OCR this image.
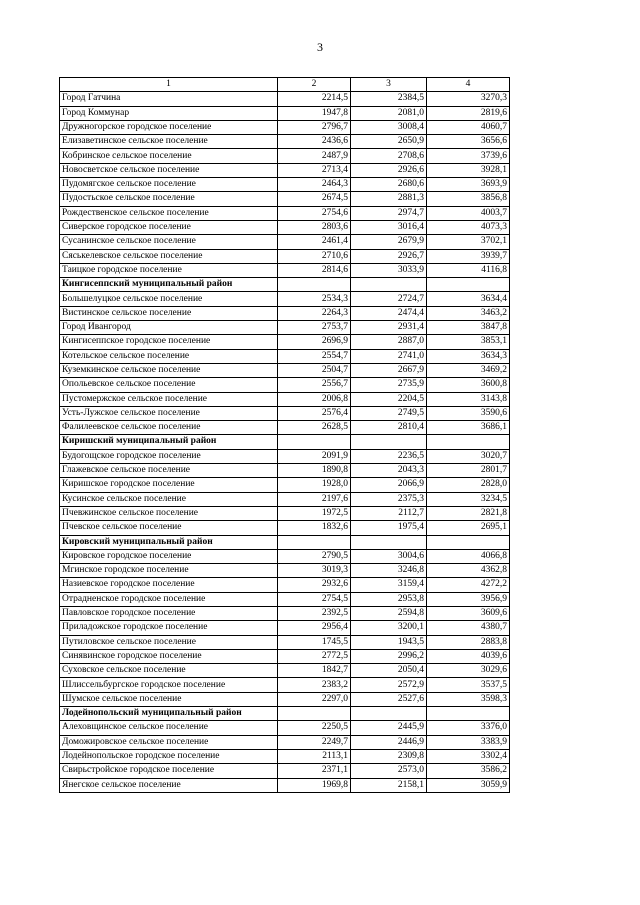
3
1	2	3	4
Город Гатчина	2214,5	2384,5	3270,3
Город Коммунар	1947,8	2081,0	2819,6
Дружногорское городское поселение	2796,7	3008,4	4060,7
Елизаветинское сельское поселение	2436,6	2650,9	3656,6
Кобринское сельское поселение	2487,9	2708,6	3739,6
Новосветское сельское поселение	2713,4	2926,6	3928,1
Пудомягское сельское поселение	2464,3	2680,6	3693,9
Пудостьское сельское поселение	2674,5	2881,3	3856,8
Рождественское сельское поселение	2754,6	2974,7	4003,7
Сиверское городское поселение	2803,6	3016,4	4073,3
Сусанинское сельское поселение	2461,4	2679,9	3702,1
Сяськелевское сельское поселение	2710,6	2926,7	3939,7
Таицкое городское поселение	2814,6	3033,9	4116,8
Кингисеппский муниципальный район			
Большелуцкое сельское поселение	2534,3	2724,7	3634,4
Вистинское сельское поселение	2264,3	2474,4	3463,2
Город Ивангород	2753,7	2931,4	3847,8
Кингисеппское городское поселение	2696,9	2887,0	3853,1
Котельское сельское поселение	2554,7	2741,0	3634,3
Куземкинское сельское поселение	2504,7	2667,9	3469,2
Опольевское сельское поселение	2556,7	2735,9	3600,8
Пустомержское сельское поселение	2006,8	2204,5	3143,8
Усть-Лужское сельское поселение	2576,4	2749,5	3590,6
Фалилеевское сельское поселение	2628,5	2810,4	3686,1
Киришский муниципальный район			
Будогощское городское поселение	2091,9	2236,5	3020,7
Глажевское сельское поселение	1890,8	2043,3	2801,7
Киришское городское поселение	1928,0	2066,9	2828,0
Кусинское сельское поселение	2197,6	2375,3	3234,5
Пчевжинское сельское поселение	1972,5	2112,7	2821,8
Пчевское сельское поселение	1832,6	1975,4	2695,1
Кировский муниципальный район			
Кировское городское поселение	2790,5	3004,6	4066,8
Мгинское городское поселение	3019,3	3246,8	4362,8
Назиевское городское поселение	2932,6	3159,4	4272,2
Отрадненское городское поселение	2754,5	2953,8	3956,9
Павловское городское поселение	2392,5	2594,8	3609,6
Приладожское городское поселение	2956,4	3200,1	4380,7
Путиловское сельское поселение	1745,5	1943,5	2883,8
Синявинское городское поселение	2772,5	2996,2	4039,6
Суховское сельское поселение	1842,7	2050,4	3029,6
Шлиссельбургское городское поселение	2383,2	2572,9	3537,5
Шумское сельское поселение	2297,0	2527,6	3598,3
Лодейнопольский муниципальный район			
Алеховщинское сельское поселение	2250,5	2445,9	3376,0
Доможировское сельское поселение	2249,7	2446,9	3383,9
Лодейнопольское городское поселение	2113,1	2309,8	3302,4
Свирьстройское городское поселение	2371,1	2573,0	3586,2
Янегское сельское поселение	1969,8	2158,1	3059,9
